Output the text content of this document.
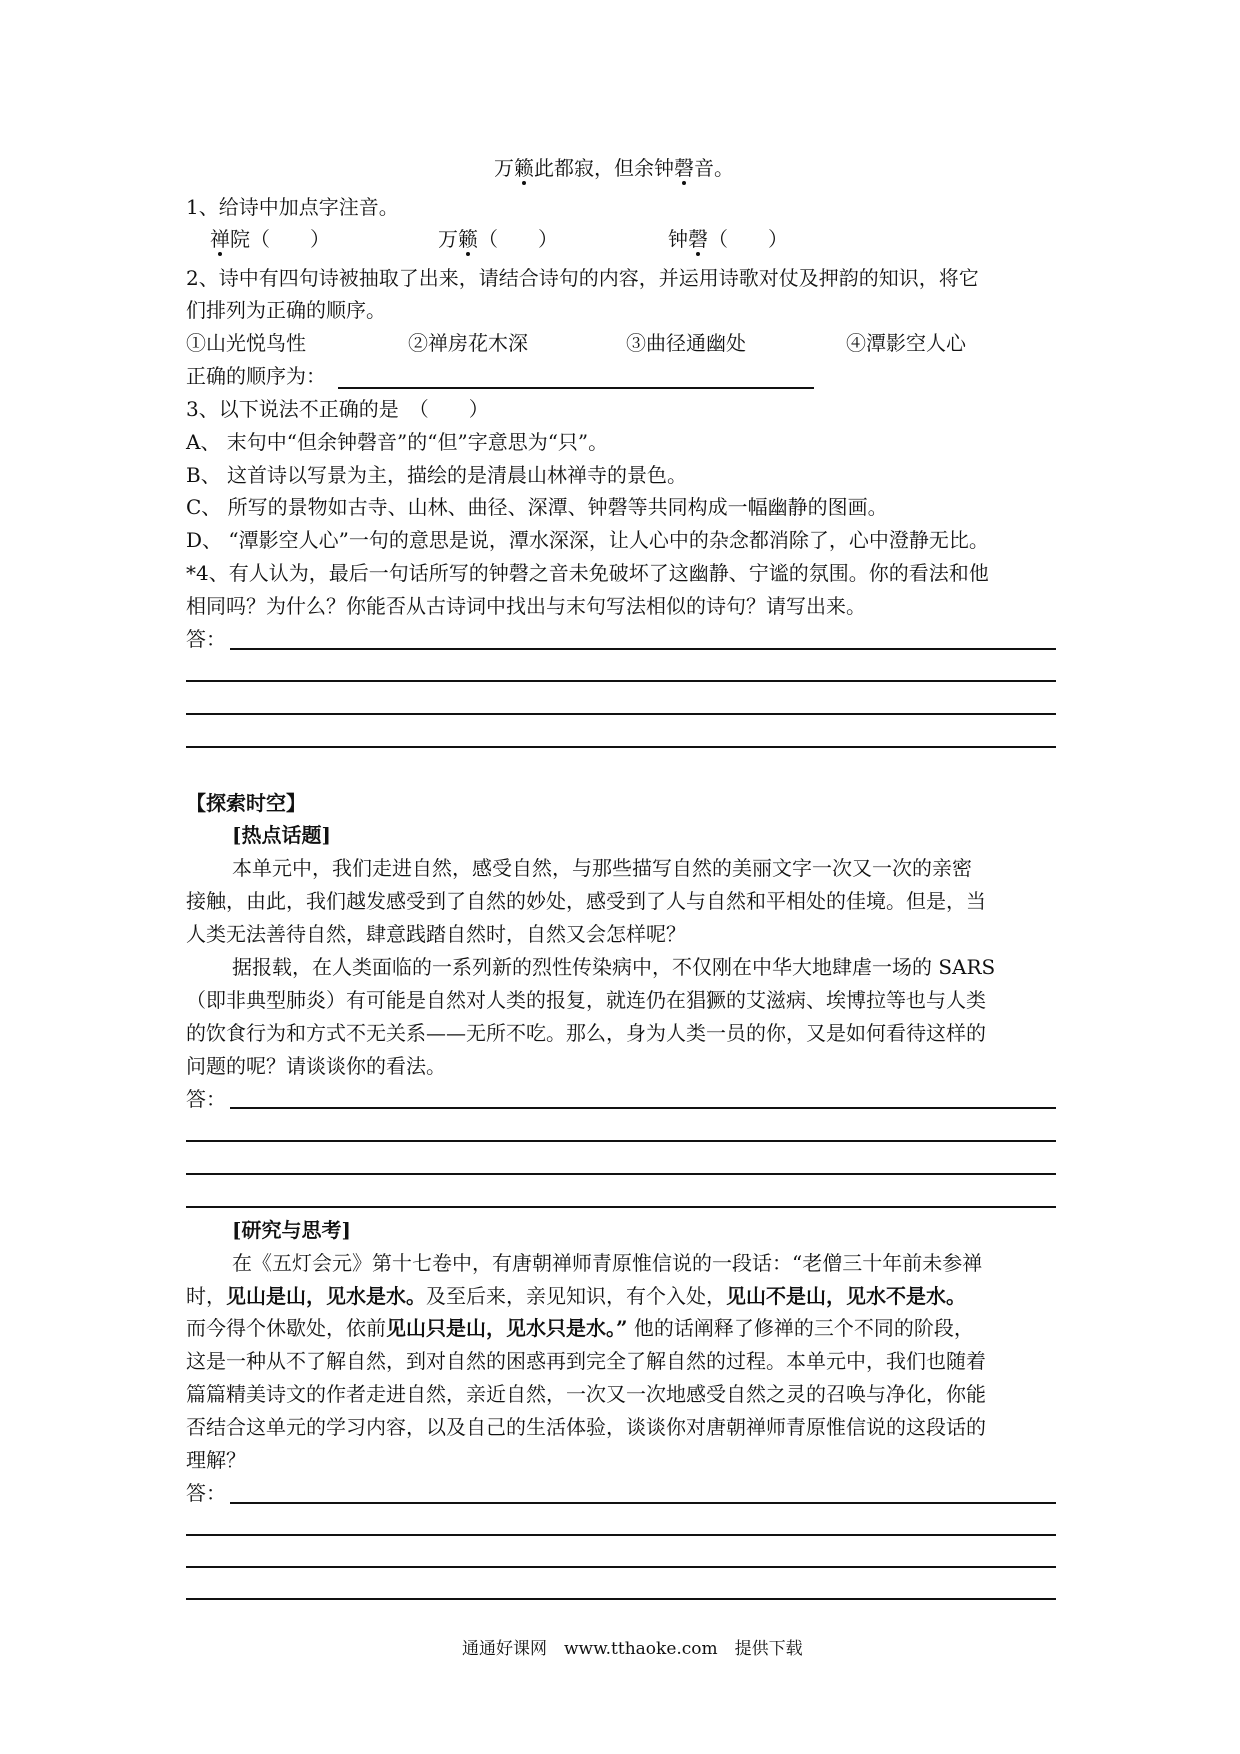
万籁此都寂，但余钟磬音。
1、给诗中加点字注音。
禅院（　　）	万籁（　　）	钟磬（　　）
2、诗中有四句诗被抽取了出来，请结合诗句的内容，并运用诗歌对仗及押韵的知识，将它
们排列为正确的顺序。
①山光悦鸟性	②禅房花木深	③曲径通幽处	④潭影空人心
正确的顺序为：
3、以下说法不正确的是　（　　）
A、 末句中“但余钟磬音”的“但”字意思为“只”。
B、 这首诗以写景为主，描绘的是清晨山林禅寺的景色。
C、 所写的景物如古寺、山林、曲径、深潭、钟磬等共同构成一幅幽静的图画。
D、 “潭影空人心”一句的意思是说，潭水深深，让人心中的杂念都消除了，心中澄静无比。
*4、有人认为，最后一句话所写的钟磬之音未免破坏了这幽静、宁谧的氛围。你的看法和他
相同吗？为什么？你能否从古诗词中找出与末句写法相似的诗句？请写出来。
答：
【探索时空】
[热点话题]
本单元中，我们走进自然，感受自然，与那些描写自然的美丽文字一次又一次的亲密
接触，由此，我们越发感受到了自然的妙处，感受到了人与自然和平相处的佳境。但是，当
人类无法善待自然，肆意践踏自然时，自然又会怎样呢？
据报载，在人类面临的一系列新的烈性传染病中，不仅刚在中华大地肆虐一场的 SARS
（即非典型肺炎）有可能是自然对人类的报复，就连仍在猖獗的艾滋病、埃博拉等也与人类
的饮食行为和方式不无关系——无所不吃。那么，身为人类一员的你，又是如何看待这样的
问题的呢？请谈谈你的看法。
答：
[研究与思考]
在《五灯会元》第十七卷中，有唐朝禅师青原惟信说的一段话：“老僧三十年前未参禅
时，见山是山，见水是水。及至后来，亲见知识，有个入处，见山不是山，见水不是水。
而今得个休歇处，依前见山只是山，见水只是水。” 他的话阐释了修禅的三个不同的阶段，
这是一种从不了解自然，到对自然的困惑再到完全了解自然的过程。本单元中，我们也随着
篇篇精美诗文的作者走进自然，亲近自然，一次又一次地感受自然之灵的召唤与净化，你能
否结合这单元的学习内容，以及自己的生活体验，谈谈你对唐朝禅师青原惟信说的这段话的
理解？
答：
通通好课网　www.tthaoke.com　提供下载
